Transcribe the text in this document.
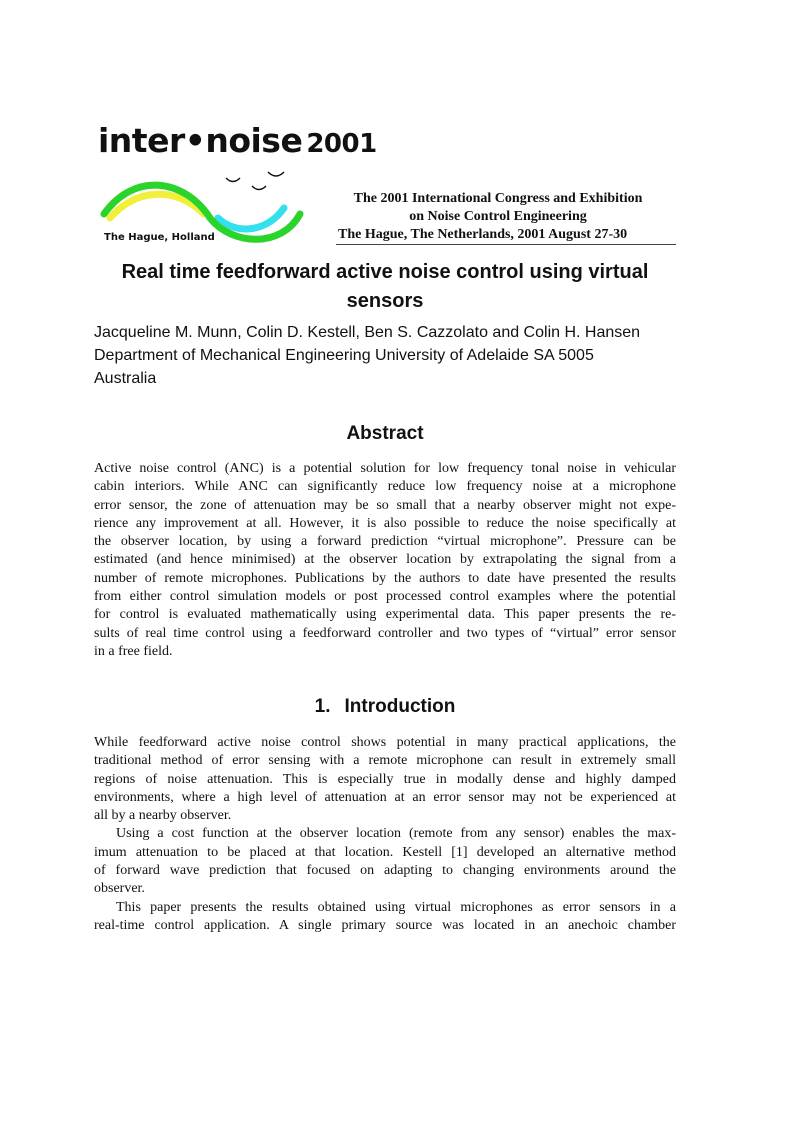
inter•noise 2001
The Hague, Holland
The 2001 International Congress and Exhibition
on Noise Control Engineering
The Hague, The Netherlands, 2001 August 27-30
Real time feedforward active noise control using virtual
sensors
Jacqueline M. Munn, Colin D. Kestell, Ben S. Cazzolato and Colin H. Hansen
Department of Mechanical Engineering University of Adelaide SA 5005
Australia
Abstract
Active noise control (ANC) is a potential solution for low frequency tonal noise in vehicular
cabin interiors. While ANC can significantly reduce low frequency noise at a microphone
error sensor, the zone of attenuation may be so small that a nearby observer might not expe-
rience any improvement at all. However, it is also possible to reduce the noise specifically at
the observer location, by using a forward prediction “virtual microphone”. Pressure can be
estimated (and hence minimised) at the observer location by extrapolating the signal from a
number of remote microphones. Publications by the authors to date have presented the results
from either control simulation models or post processed control examples where the potential
for control is evaluated mathematically using experimental data. This paper presents the re-
sults of real time control using a feedforward controller and two types of “virtual” error sensor
in a free field.
1. Introduction
While feedforward active noise control shows potential in many practical applications, the
traditional method of error sensing with a remote microphone can result in extremely small
regions of noise attenuation. This is especially true in modally dense and highly damped
environments, where a high level of attenuation at an error sensor may not be experienced at
all by a nearby observer.
Using a cost function at the observer location (remote from any sensor) enables the max-
imum attenuation to be placed at that location. Kestell [1] developed an alternative method
of forward wave prediction that focused on adapting to changing environments around the
observer.
This paper presents the results obtained using virtual microphones as error sensors in a
real-time control application. A single primary source was located in an anechoic chamber
